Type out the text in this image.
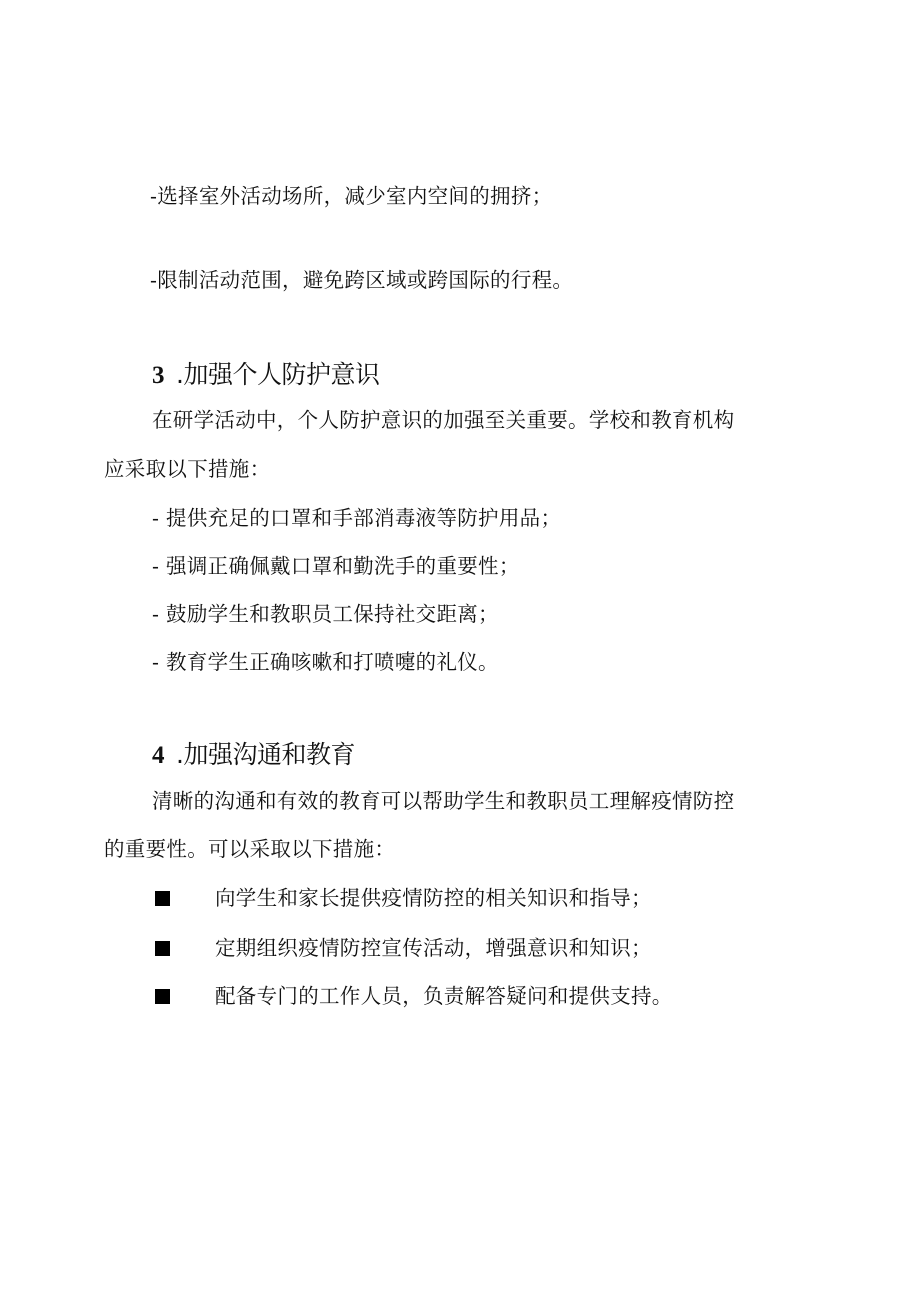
-选择室外活动场所，减少室内空间的拥挤；
-限制活动范围，避免跨区域或跨国际的行程。
3 .加强个人防护意识
在研学活动中，个人防护意识的加强至关重要。学校和教育机构
应采取以下措施：
- 提供充足的口罩和手部消毒液等防护用品；
- 强调正确佩戴口罩和勤洗手的重要性；
- 鼓励学生和教职员工保持社交距离；
- 教育学生正确咳嗽和打喷嚏的礼仪。
4 .加强沟通和教育
清晰的沟通和有效的教育可以帮助学生和教职员工理解疫情防控
的重要性。可以采取以下措施：
向学生和家长提供疫情防控的相关知识和指导；
定期组织疫情防控宣传活动，增强意识和知识；
配备专门的工作人员，负责解答疑问和提供支持。
